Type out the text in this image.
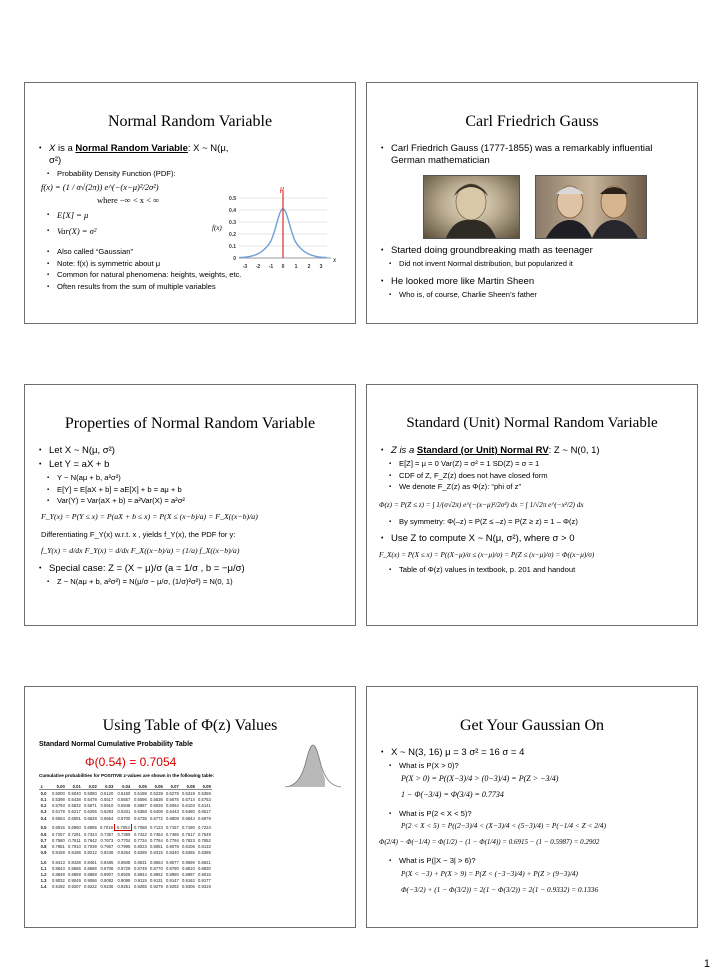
Normal Random Variable
• X is a Normal Random Variable: X ~ N(μ, σ²)
▪ Probability Density Function (PDF):
f(x) = (1 / σ√(2π)) e^(−(x−μ)²/2σ²)
where −∞ < x < ∞
▪ E[X] = μ
▪ Var(X) = σ²
▪ Also called “Gaussian”
▪ Note: f(x) is symmetric about μ
▪ Common for natural phenomena: heights, weights, etc.
▪ Often results from the sum of multiple variables
μ
f(x)
x
0.5
0.4
0.3
0.2
0.1
0
-3 -2 -1 0 1 2 3
Carl Friedrich Gauss
• Carl Friedrich Gauss (1777-1855) was a remarkably influential German mathematician
• Started doing groundbreaking math as teenager
▪ Did not invent Normal distribution, but popularized it
• He looked more like Martin Sheen
▪ Who is, of course, Charlie Sheen’s father
Properties of Normal Random Variable
• Let X ~ N(μ, σ²)
• Let Y = aX + b
▪ Y ~ N(aμ + b, a²σ²)
▪ E[Y] = E[aX + b] = aE[X] + b = aμ + b
▪ Var(Y) = Var(aX + b) = a²Var(X) = a²σ²
F_Y(x) = P(Y ≤ x) = P(aX + b ≤ x) = P(X ≤ (x−b)/a) = F_X((x−b)/a)
Differentiating F_Y(x) w.r.t. x , yields f_Y(x), the PDF for y:
f_Y(x) = d/dx F_Y(x) = d/dx F_X((x−b)/a) = (1/a) f_X((x−b)/a)
• Special case: Z = (X − μ)/σ (a = 1/σ , b = −μ/σ)
▪ Z ~ N(aμ + b, a²σ²) = N(μ/σ − μ/σ, (1/σ)²σ²) = N(0, 1)
Standard (Unit) Normal Random Variable
• Z is a Standard (or Unit) Normal RV: Z ~ N(0, 1)
▪ E[Z] = μ = 0 Var(Z) = σ² = 1 SD(Z) = σ = 1
▪ CDF of Z, F_Z(z) does not have closed form
▪ We denote F_Z(z) as Φ(z): “phi of z”
Φ(z) = P(Z ≤ z) = ∫ 1/(σ√2π) e^(−(x−μ)²/2σ²) dx = ∫ 1/√2π e^(−x²/2) dx
▪ By symmetry: Φ(–z) = P(Z ≤ –z) = P(Z ≥ z) = 1 – Φ(z)
• Use Z to compute X ~ N(μ, σ²), where σ > 0
F_X(x) = P(X ≤ x) = P((X−μ)/σ ≤ (x−μ)/σ) = P(Z ≤ (x−μ)/σ) = Φ((x−μ)/σ)
▪ Table of Φ(z) values in textbook, p. 201 and handout
Using Table of Φ(z) Values
Standard Normal Cumulative Probability Table
Φ(0.54) = 0.7054
Cumulative probabilities for POSITIVE z-values are shown in the following table:
z	0.00	0.01	0.02	0.03	0.04	0.05	0.06	0.07	0.08	0.09
0.0	0.5000	0.5040	0.5080	0.5120	0.5160	0.5199	0.5239	0.5279	0.5319	0.5359
0.1	0.5398	0.5438	0.5478	0.5517	0.5557	0.5596	0.5636	0.5675	0.5714	0.5753
0.2	0.5793	0.5832	0.5871	0.5910	0.5948	0.5987	0.6026	0.6064	0.6103	0.6141
0.3	0.6179	0.6217	0.6255	0.6293	0.6331	0.6368	0.6406	0.6443	0.6480	0.6517
0.4	0.6554	0.6591	0.6628	0.6664	0.6700	0.6736	0.6772	0.6808	0.6844	0.6879
0.5	0.6915	0.6950	0.6985	0.7019	0.7054	0.7088	0.7123	0.7157	0.7190	0.7224
0.6	0.7257	0.7291	0.7324	0.7357	0.7389	0.7422	0.7454	0.7486	0.7517	0.7549
0.7	0.7580	0.7611	0.7642	0.7673	0.7704	0.7734	0.7764	0.7794	0.7823	0.7852
0.8	0.7881	0.7910	0.7939	0.7967	0.7995	0.8023	0.8051	0.8078	0.8106	0.8133
0.9	0.8159	0.8186	0.8212	0.8238	0.8264	0.8289	0.8315	0.8340	0.8365	0.8389
1.0	0.8413	0.8438	0.8461	0.8485	0.8508	0.8531	0.8554	0.8577	0.8599	0.8621
1.1	0.8643	0.8665	0.8686	0.8708	0.8729	0.8749	0.8770	0.8790	0.8810	0.8830
1.2	0.8849	0.8869	0.8888	0.8907	0.8925	0.8944	0.8962	0.8980	0.8997	0.9015
1.3	0.9032	0.9049	0.9066	0.9082	0.9099	0.9115	0.9131	0.9147	0.9162	0.9177
1.4	0.9192	0.9207	0.9222	0.9236	0.9251	0.9265	0.9279	0.9292	0.9306	0.9319
Get Your Gaussian On
• X ~ N(3, 16) μ = 3 σ² = 16 σ = 4
▪ What is P(X > 0)?
P(X > 0) = P((X−3)/4 > (0−3)/4) = P(Z > −3/4)
1 − Φ(−3/4) = Φ(3/4) = 0.7734
▪ What is P(2 < X < 5)?
P(2 < X < 5) = P((2−3)/4 < (X−3)/4 < (5−3)/4) = P(−1/4 < Z < 2/4)
Φ(2/4) − Φ(−1/4) = Φ(1/2) − (1 − Φ(1/4)) = 0.6915 − (1 − 0.5987) = 0.2902
▪ What is P(|X − 3| > 6)?
P(X < −3) + P(X > 9) = P(Z < (−3−3)/4) + P(Z > (9−3)/4)
Φ(−3/2) + (1 − Φ(3/2)) = 2(1 − Φ(3/2)) = 2(1 − 0.9332) = 0.1336
1
